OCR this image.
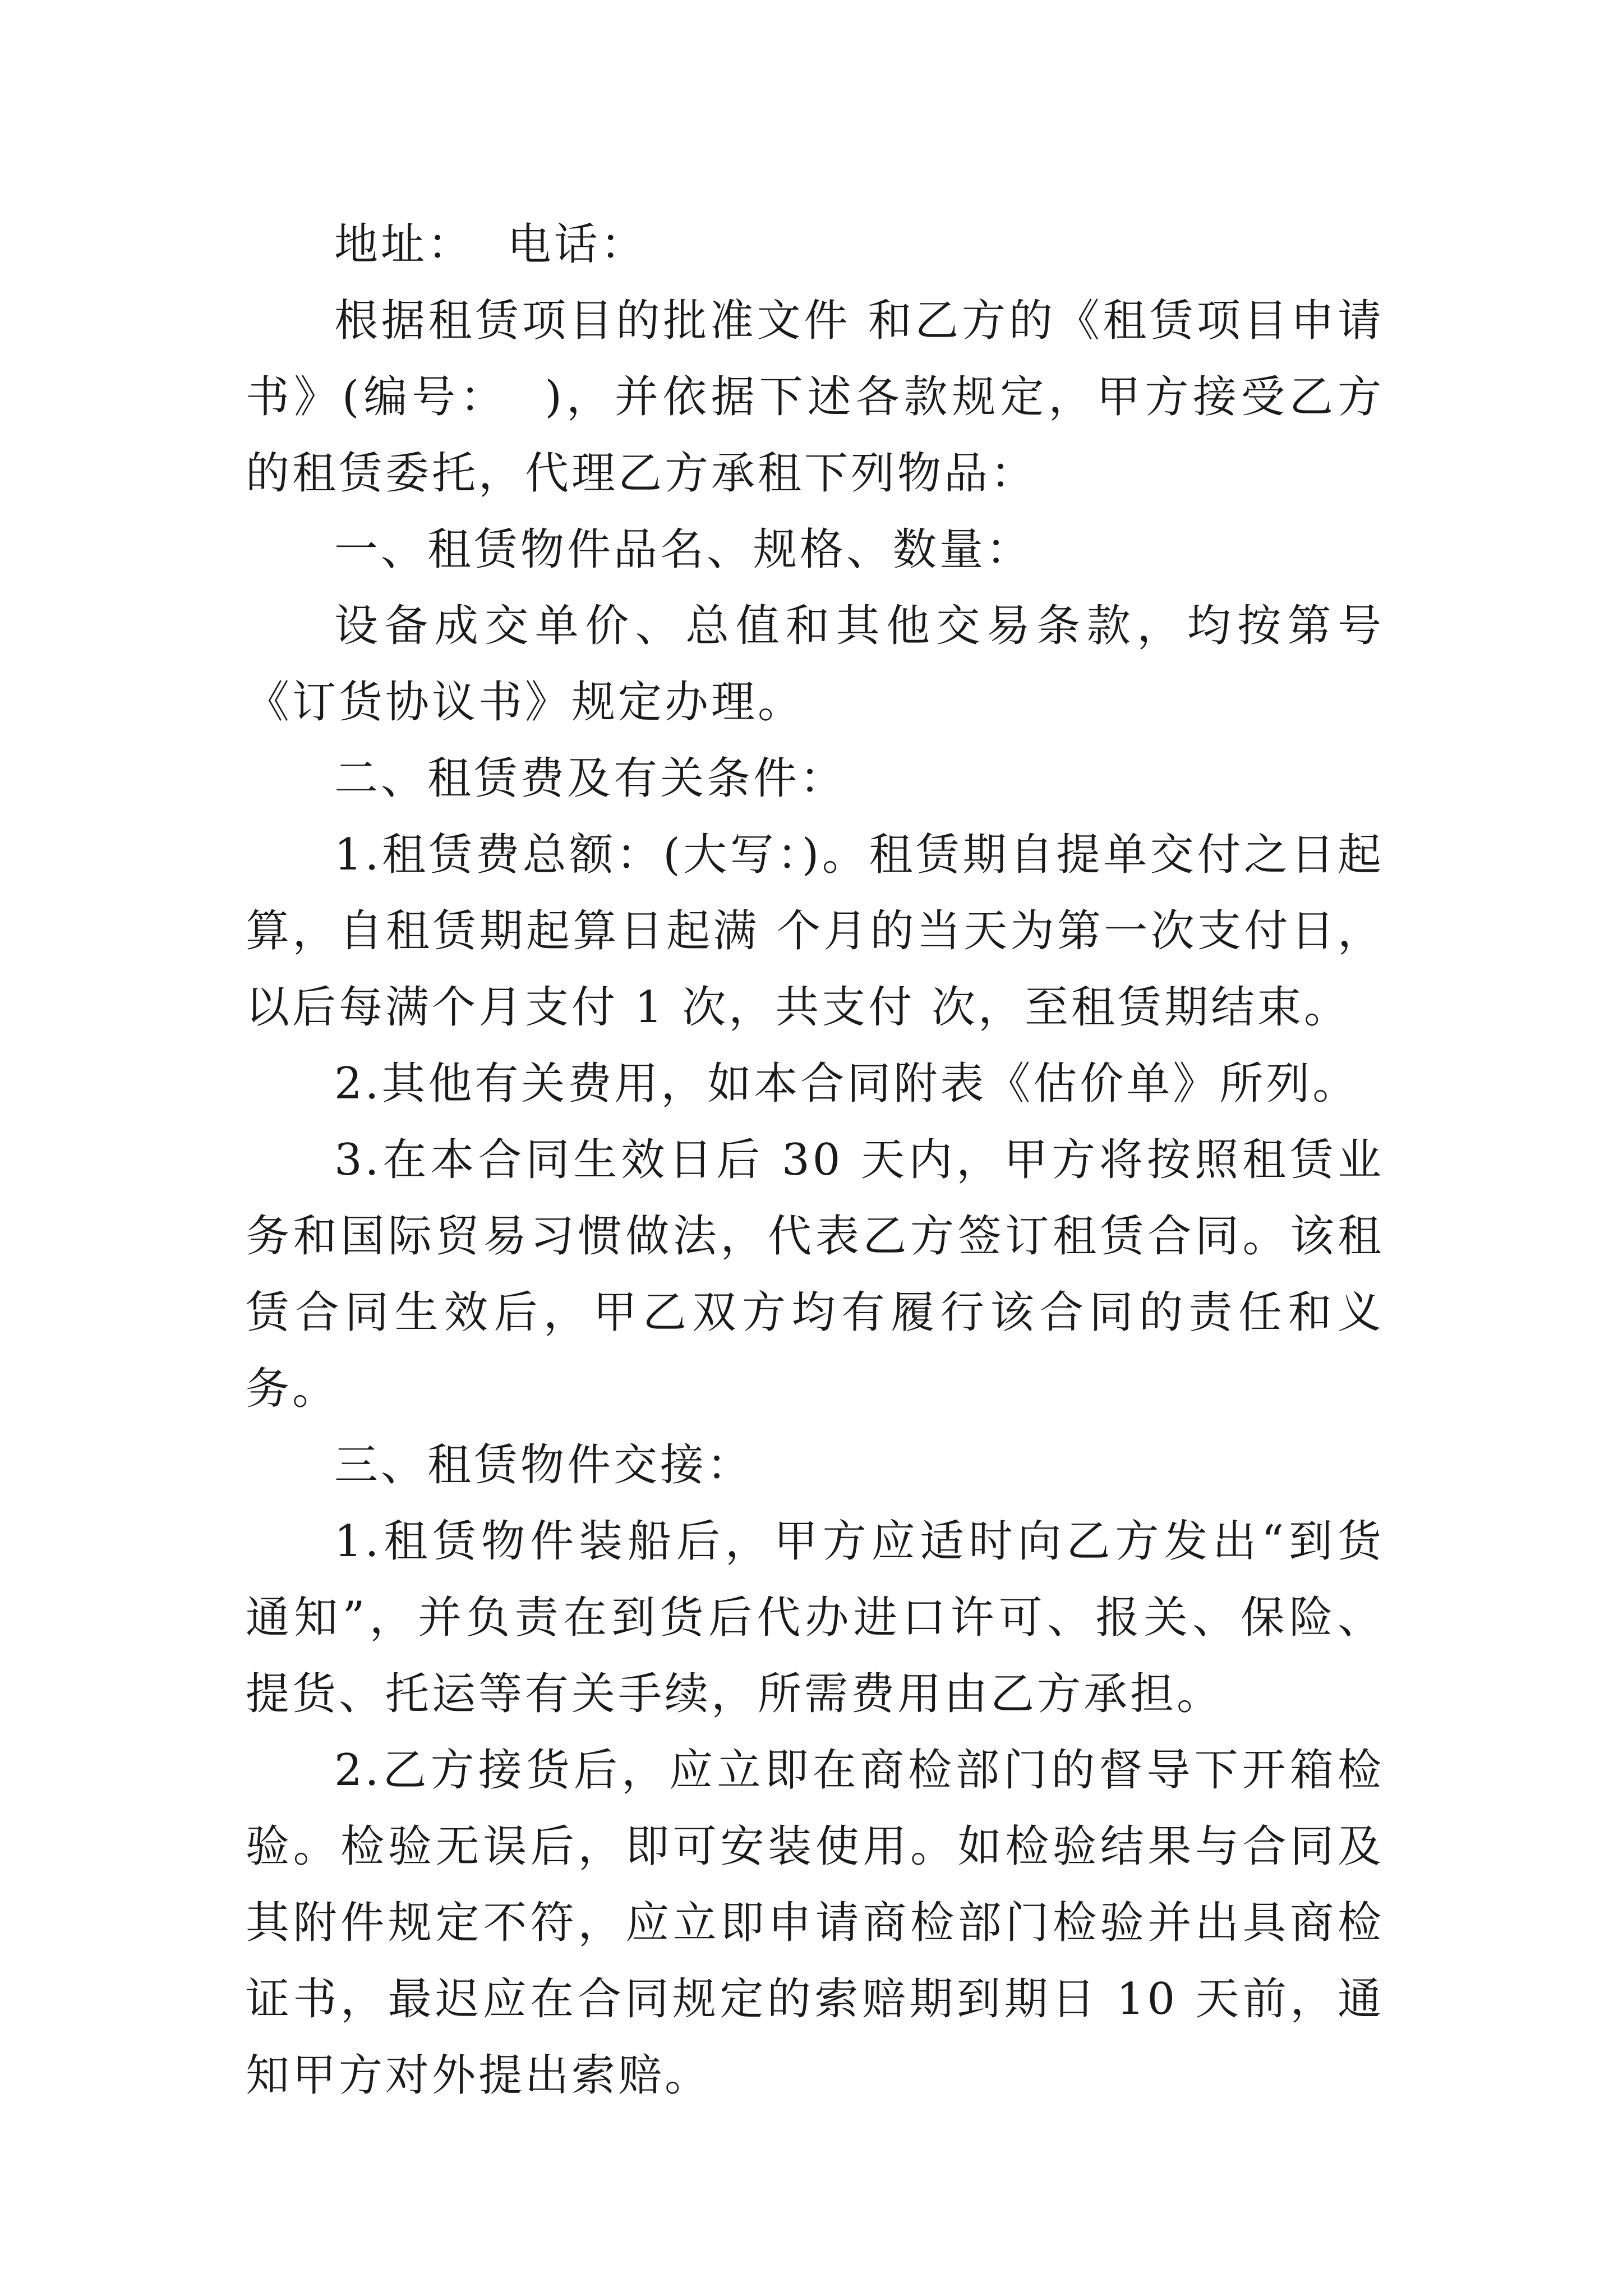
地址：  电话：

根据租赁项目的批准文件 和乙方的《租赁项目申请书》(编号：  )，并依据下述各款规定，甲方接受乙方的租赁委托，代理乙方承租下列物品：

一、租赁物件品名、规格、数量：

设备成交单价、总值和其他交易条款，均按第号《订货协议书》规定办理。

二、租赁费及有关条件：

1.租赁费总额：(大写：)。租赁期自提单交付之日起算，自租赁期起算日起满 个月的当天为第一次支付日，以后每满个月支付 1 次，共支付 次，至租赁期结束。

2.其他有关费用，如本合同附表《估价单》所列。

3.在本合同生效日后 30 天内，甲方将按照租赁业务和国际贸易习惯做法，代表乙方签订租赁合同。该租赁合同生效后，甲乙双方均有履行该合同的责任和义务。

三、租赁物件交接：

1.租赁物件装船后，甲方应适时向乙方发出“到货通知”，并负责在到货后代办进口许可、报关、保险、提货、托运等有关手续，所需费用由乙方承担。

2.乙方接货后，应立即在商检部门的督导下开箱检验。检验无误后，即可安装使用。如检验结果与合同及其附件规定不符，应立即申请商检部门检验并出具商检证书，最迟应在合同规定的索赔期到期日 10 天前，通知甲方对外提出索赔。
